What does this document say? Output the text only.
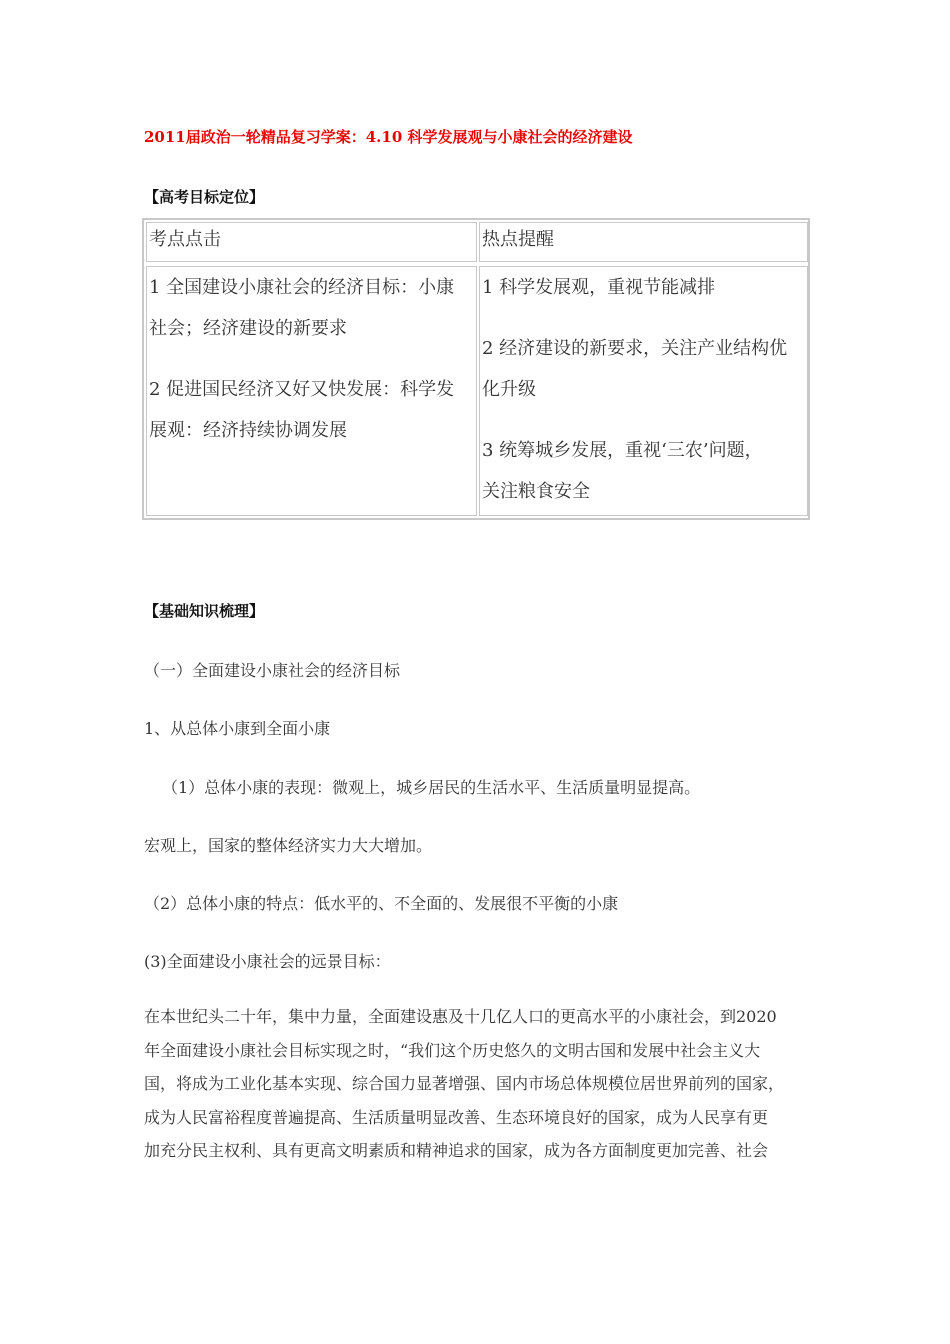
2011届政治一轮精品复习学案：4.10 科学发展观与小康社会的经济建设
【高考目标定位】
考点点击	热点提醒

1 全国建设小康社会的经济目标：小康
社会；经济建设的新要求

2 促进国民经济又好又快发展：科学发
展观：经济持续协调发展

1 科学发展观，重视节能减排

2 经济建设的新要求，关注产业结构优
化升级

3 统筹城乡发展，重视‘三农’问题，
关注粮食安全

【基础知识梳理】
（一）全面建设小康社会的经济目标
1、从总体小康到全面小康
（1）总体小康的表现：微观上，城乡居民的生活水平、生活质量明显提高。
宏观上，国家的整体经济实力大大增加。
（2）总体小康的特点：低水平的、不全面的、发展很不平衡的小康
(3)全面建设小康社会的远景目标：
在本世纪头二十年，集中力量，全面建设惠及十几亿人口的更高水平的小康社会，到2020
年全面建设小康社会目标实现之时，“我们这个历史悠久的文明古国和发展中社会主义大
国，将成为工业化基本实现、综合国力显著增强、国内市场总体规模位居世界前列的国家，
成为人民富裕程度普遍提高、生活质量明显改善、生态环境良好的国家，成为人民享有更
加充分民主权利、具有更高文明素质和精神追求的国家，成为各方面制度更加完善、社会
